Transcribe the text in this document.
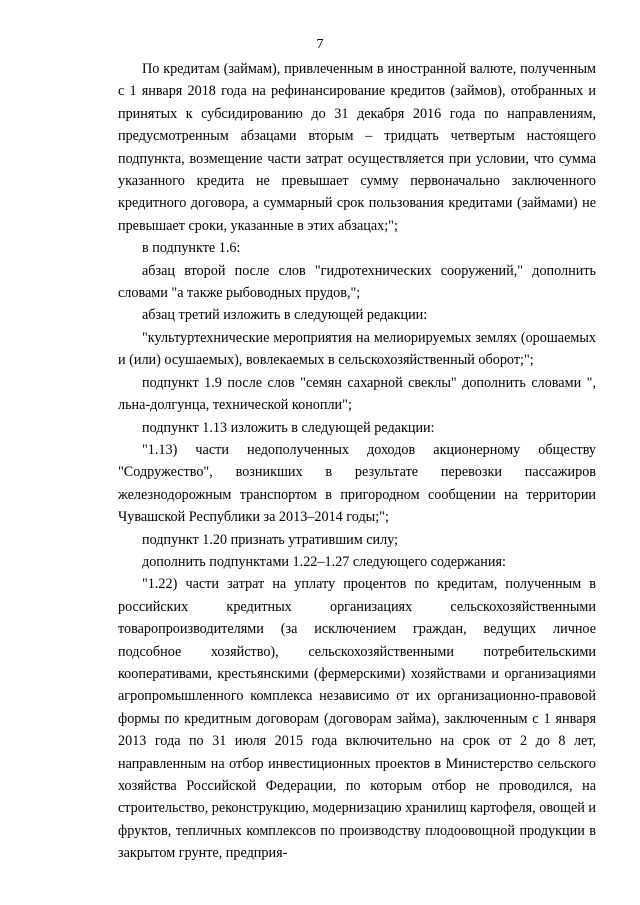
7

По кредитам (займам), привлеченным в иностранной валюте, полученным с 1 января 2018 года на рефинансирование кредитов (займов), отобранных и принятых к субсидированию до 31 декабря 2016 года по направлениям, предусмотренным абзацами вторым – тридцать четвертым настоящего подпункта, возмещение части затрат осуществляется при условии, что сумма указанного кредита не превышает сумму первоначально заключенного кредитного договора, а суммарный срок пользования кредитами (займами) не превышает сроки, указанные в этих абзацах;";

в подпункте 1.6:

абзац второй после слов "гидротехнических сооружений," дополнить словами "а также рыбоводных прудов,";

абзац третий изложить в следующей редакции:

"культуртехнические мероприятия на мелиорируемых землях (орошаемых и (или) осушаемых), вовлекаемых в сельскохозяйственный оборот;";

подпункт 1.9 после слов "семян сахарной свеклы" дополнить словами ", льна-долгунца, технической конопли";

подпункт 1.13 изложить в следующей редакции:

"1.13) части недополученных доходов акционерному обществу "Содружество", возникших в результате перевозки пассажиров железнодорожным транспортом в пригородном сообщении на территории Чувашской Республики за 2013–2014 годы;";

подпункт 1.20 признать утратившим силу;

дополнить подпунктами 1.22–1.27 следующего содержания:

"1.22) части затрат на уплату процентов по кредитам, полученным в российских кредитных организациях сельскохозяйственными товаропроизводителями (за исключением граждан, ведущих личное подсобное хозяйство), сельскохозяйственными потребительскими кооперативами, крестьянскими (фермерскими) хозяйствами и организациями агропромышленного комплекса независимо от их организационно-правовой формы по кредитным договорам (договорам займа), заключенным с 1 января 2013 года по 31 июля 2015 года включительно на срок от 2 до 8 лет, направленным на отбор инвестиционных проектов в Министерство сельского хозяйства Российской Федерации, по которым отбор не проводился, на строительство, реконструкцию, модернизацию хранилищ картофеля, овощей и фруктов, тепличных комплексов по производству плодоовощной продукции в закрытом грунте, предприя-
